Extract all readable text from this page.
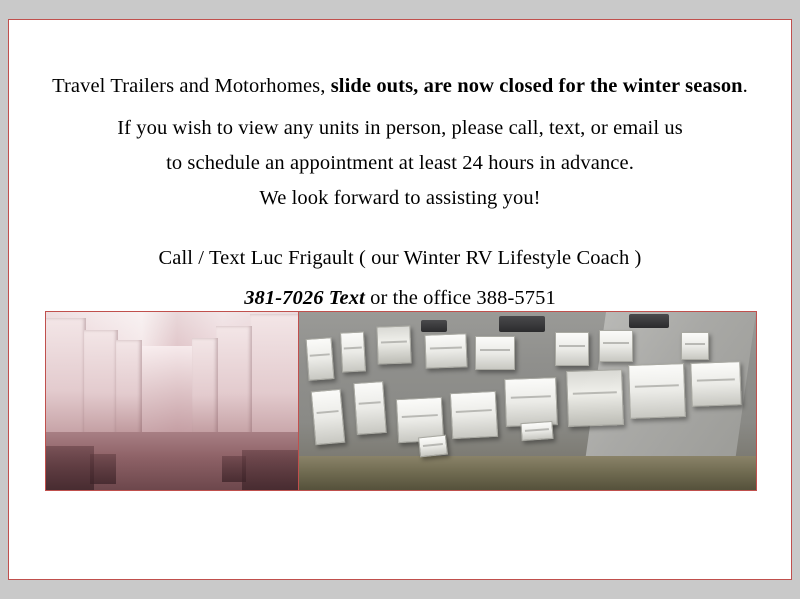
Travel Trailers and Motorhomes, slide outs, are now closed for the winter season.
If you wish to view any units in person, please call, text, or email us
to schedule an appointment at least 24 hours in advance.
We look forward to assisting you!
Call / Text Luc Frigault ( our Winter RV Lifestyle Coach )
381-7026 Text or the office 388-5751
